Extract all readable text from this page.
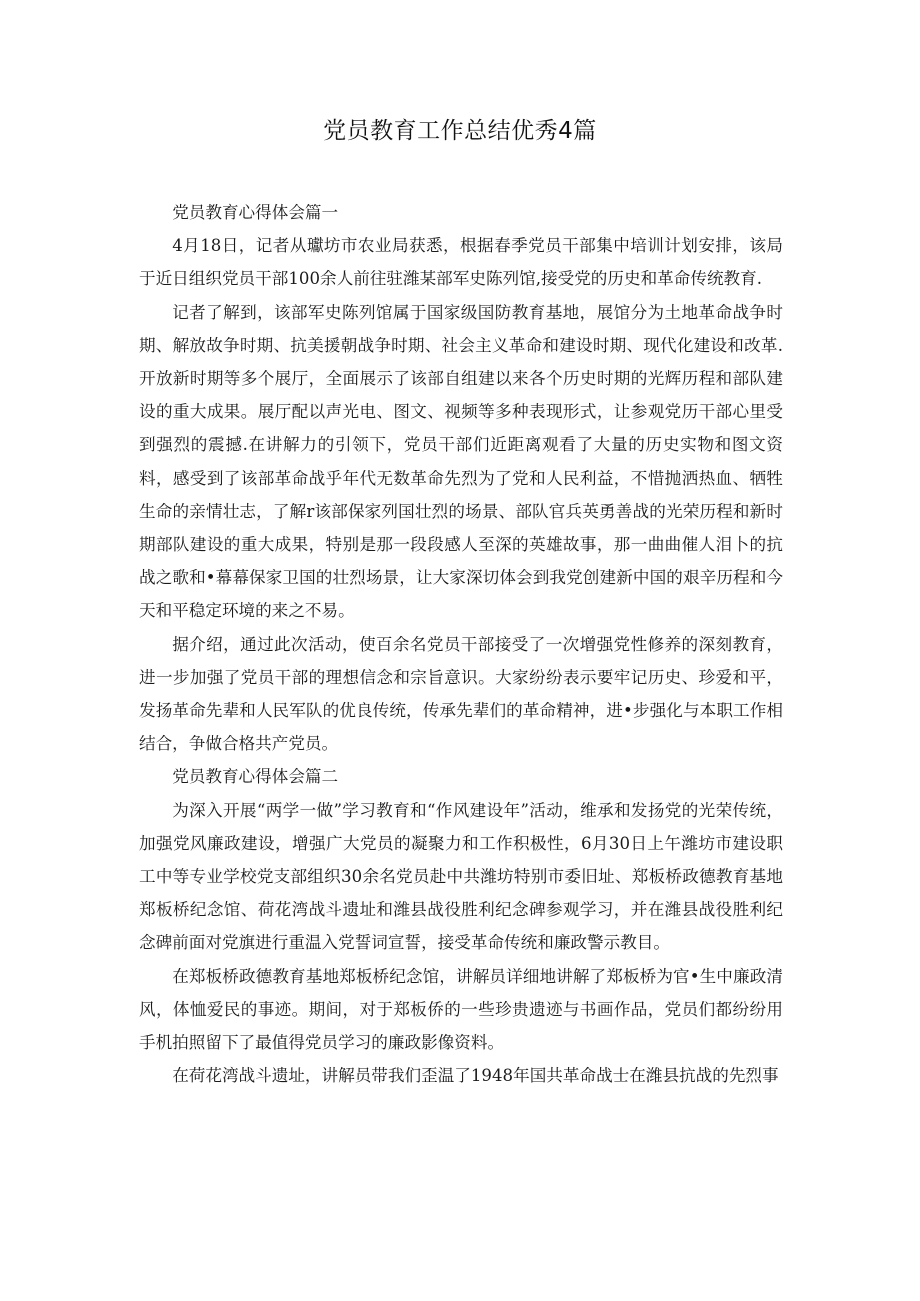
党员教育工作总结优秀4篇

党员教育心得体会篇一

4月18日，记者从瓛坊市农业局获悉，根据春季党员干部集中培训计划安排，该局于近日组织党员干部100余人前往驻潍某部军史陈列馆,接受党的历史和革命传统教育.

记者了解到，该部军史陈列馆属于国家级国防教育基地，展馆分为土地革命战争时期、解放故争时期、抗美援朝战争时期、社会主义革命和建设时期、现代化建设和改革.开放新时期等多个展厅，全面展示了该部自组建以来各个历史时期的光辉历程和部队建设的重大成果。展厅配以声光电、图文、视频等多种表现形式，让参观党历干部心里受到强烈的震撼.在讲解力的引领下，党员干部们近距离观看了大量的历史实物和图文资料，感受到了该部革命战乎年代无数革命先烈为了党和人民利益，不惜抛洒热血、牺牲生命的亲情壮志，了解r该部保家列国壮烈的场景、部队官兵英勇善战的光荣历程和新时期部队建设的重大成果，特别是那一段段感人至深的英雄故事，那一曲曲催人泪卜的抗战之歌和•幕幕保家卫国的壮烈场景，让大家深切体会到我党创建新中国的艰辛历程和今天和平稳定环境的来之不易。

据介绍，通过此次活动，使百余名党员干部接受了一次增强党性修养的深刻教育，进一步加强了党员干部的理想信念和宗旨意识。大家纷纷表示要牢记历史、珍爱和平，发扬革命先辈和人民军队的优良传统，传承先辈们的革命精神，进•步强化与本职工作相结合，争做合格共产党员。

党员教育心得体会篇二

为深入开展“两学一做”学习教育和“作风建设年”活动，维承和发扬党的光荣传统，加强党风廉政建设，增强广大党员的凝聚力和工作积极性，6月30日上午潍坊市建设职工中等专业学校党支部组织30余名党员赴中共潍坊特别市委旧址、郑板桥政德教育基地郑板桥纪念馆、荷花湾战斗遗址和潍县战役胜利纪念碑参观学习，并在潍县战役胜利纪念碑前面对党旗进行重温入党誓词宣誓，接受革命传统和廉政警示教目。

在郑板桥政德教育基地郑板桥纪念馆，讲解员详细地讲解了郑板桥为官•生中廉政清风，体恤爱民的事迹。期间，对于郑板侨的一些珍贵遗迹与书画作品，党员们都纷纷用手机拍照留下了最值得党员学习的廉政影像资料。

在荷花湾战斗遗址，讲解员带我们歪温了1948年国共革命战士在潍县抗战的先烈事
